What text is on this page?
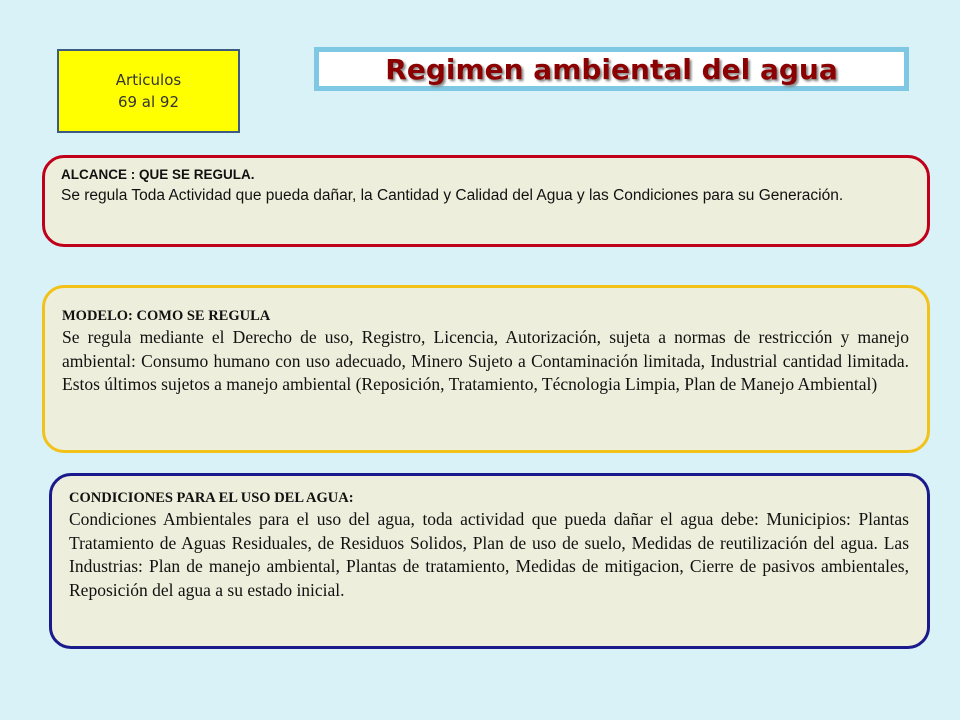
Articulos
69 al 92
Regimen ambiental del agua
ALCANCE : QUE SE REGULA.
Se regula Toda Actividad que pueda dañar, la Cantidad y Calidad del Agua y las Condiciones para su Generación.
MODELO: COMO SE REGULA
Se regula mediante el Derecho de uso, Registro, Licencia, Autorización, sujeta a normas de restricción y manejo ambiental: Consumo humano con uso adecuado, Minero Sujeto a Contaminación limitada, Industrial cantidad limitada. Estos últimos sujetos a manejo ambiental (Reposición, Tratamiento, Técnologia Limpia, Plan de Manejo Ambiental)
CONDICIONES PARA EL USO DEL AGUA:
Condiciones Ambientales para el uso del agua, toda actividad que pueda dañar el agua debe: Municipios: Plantas Tratamiento de Aguas Residuales, de Residuos Solidos, Plan de uso de suelo, Medidas de reutilización del agua. Las Industrias: Plan de manejo ambiental, Plantas de tratamiento, Medidas de mitigacion, Cierre de pasivos ambientales, Reposición del agua a su estado inicial.
